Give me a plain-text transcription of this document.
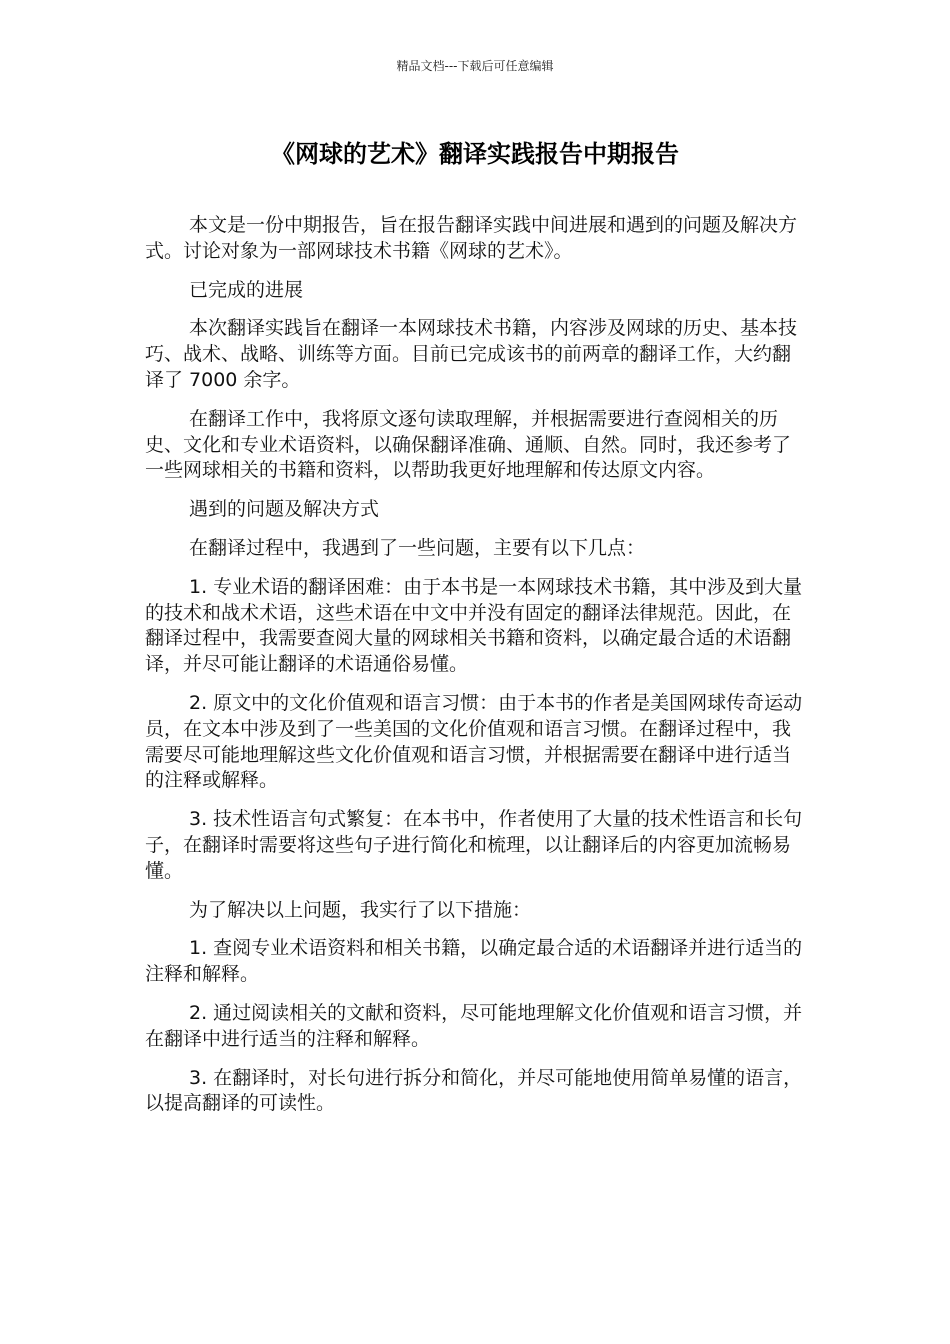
精品文档---下载后可任意编辑
《网球的艺术》翻译实践报告中期报告

本文是一份中期报告，旨在报告翻译实践中间进展和遇到的问题及解决方式。讨论对象为一部网球技术书籍《网球的艺术》。

已完成的进展

本次翻译实践旨在翻译一本网球技术书籍，内容涉及网球的历史、基本技巧、战术、战略、训练等方面。目前已完成该书的前两章的翻译工作，大约翻译了 7000 余字。

在翻译工作中，我将原文逐句读取理解，并根据需要进行查阅相关的历史、文化和专业术语资料，以确保翻译准确、通顺、自然。同时，我还参考了一些网球相关的书籍和资料，以帮助我更好地理解和传达原文内容。

遇到的问题及解决方式

在翻译过程中，我遇到了一些问题，主要有以下几点：

1. 专业术语的翻译困难：由于本书是一本网球技术书籍，其中涉及到大量的技术和战术术语，这些术语在中文中并没有固定的翻译法律规范。因此，在翻译过程中，我需要查阅大量的网球相关书籍和资料，以确定最合适的术语翻译，并尽可能让翻译的术语通俗易懂。

2. 原文中的文化价值观和语言习惯：由于本书的作者是美国网球传奇运动员，在文本中涉及到了一些美国的文化价值观和语言习惯。在翻译过程中，我需要尽可能地理解这些文化价值观和语言习惯，并根据需要在翻译中进行适当的注释或解释。

3. 技术性语言句式繁复：在本书中，作者使用了大量的技术性语言和长句子，在翻译时需要将这些句子进行简化和梳理，以让翻译后的内容更加流畅易懂。

为了解决以上问题，我实行了以下措施：

1. 查阅专业术语资料和相关书籍，以确定最合适的术语翻译并进行适当的注释和解释。

2. 通过阅读相关的文献和资料，尽可能地理解文化价值观和语言习惯，并在翻译中进行适当的注释和解释。

3. 在翻译时，对长句进行拆分和简化，并尽可能地使用简单易懂的语言，以提高翻译的可读性。
